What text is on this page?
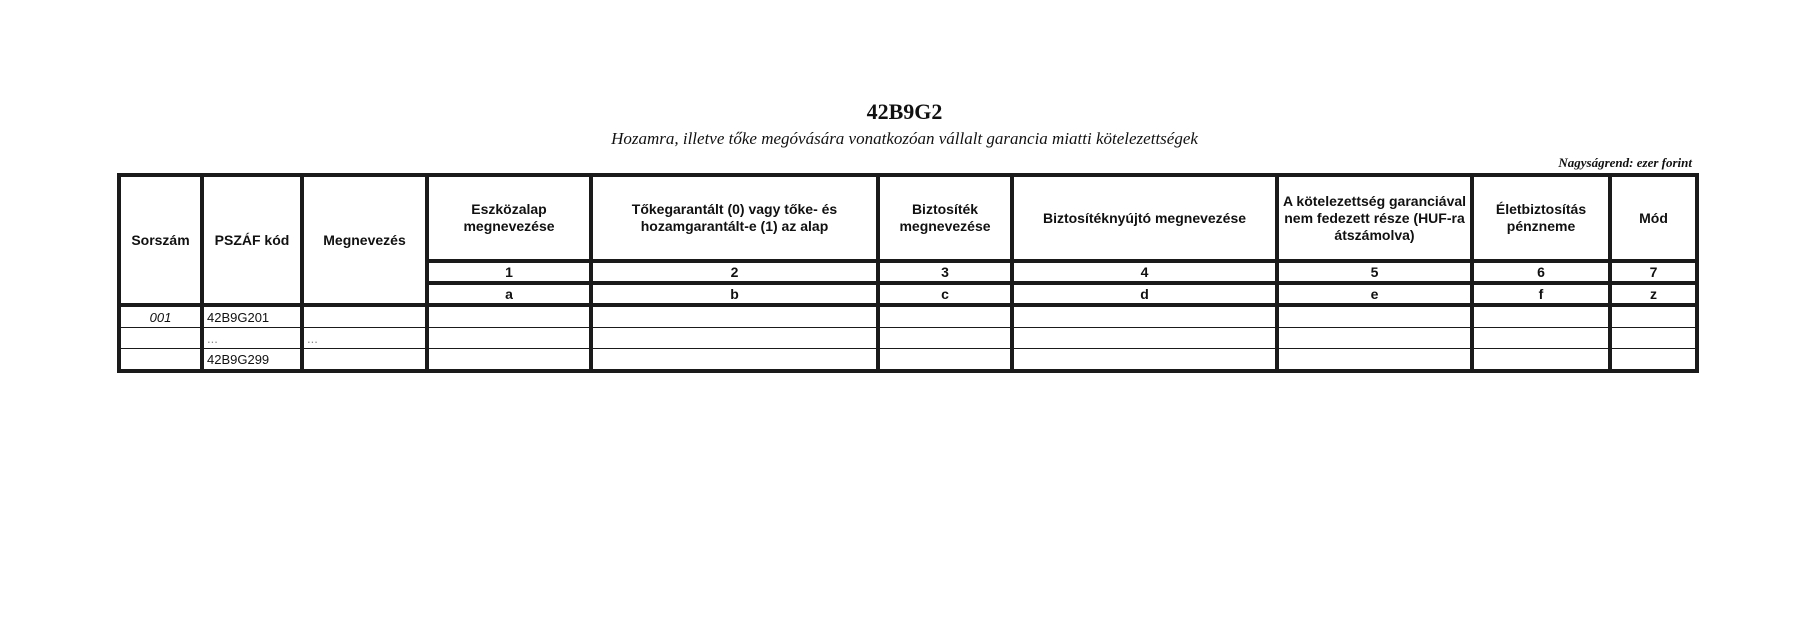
42B9G2
Hozamra, illetve tőke megóvására vonatkozóan vállalt garancia miatti kötelezettségek
Nagyságrend: ezer forint
Sorszám	PSZÁF kód	Megnevezés	Eszközalap megnevezése	Tőkegarantált (0) vagy tőke- és hozamgarantált-e (1) az alap	Biztosíték megnevezése	Biztosítéknyújtó megnevezése	A kötelezettség garanciával nem fedezett része (HUF-ra átszámolva)	Életbiztosítás pénzneme	Mód
			1	2	3	4	5	6	7
			a	b	c	d	e	f	z
001	42B9G201								
	...	...							
	42B9G299								
